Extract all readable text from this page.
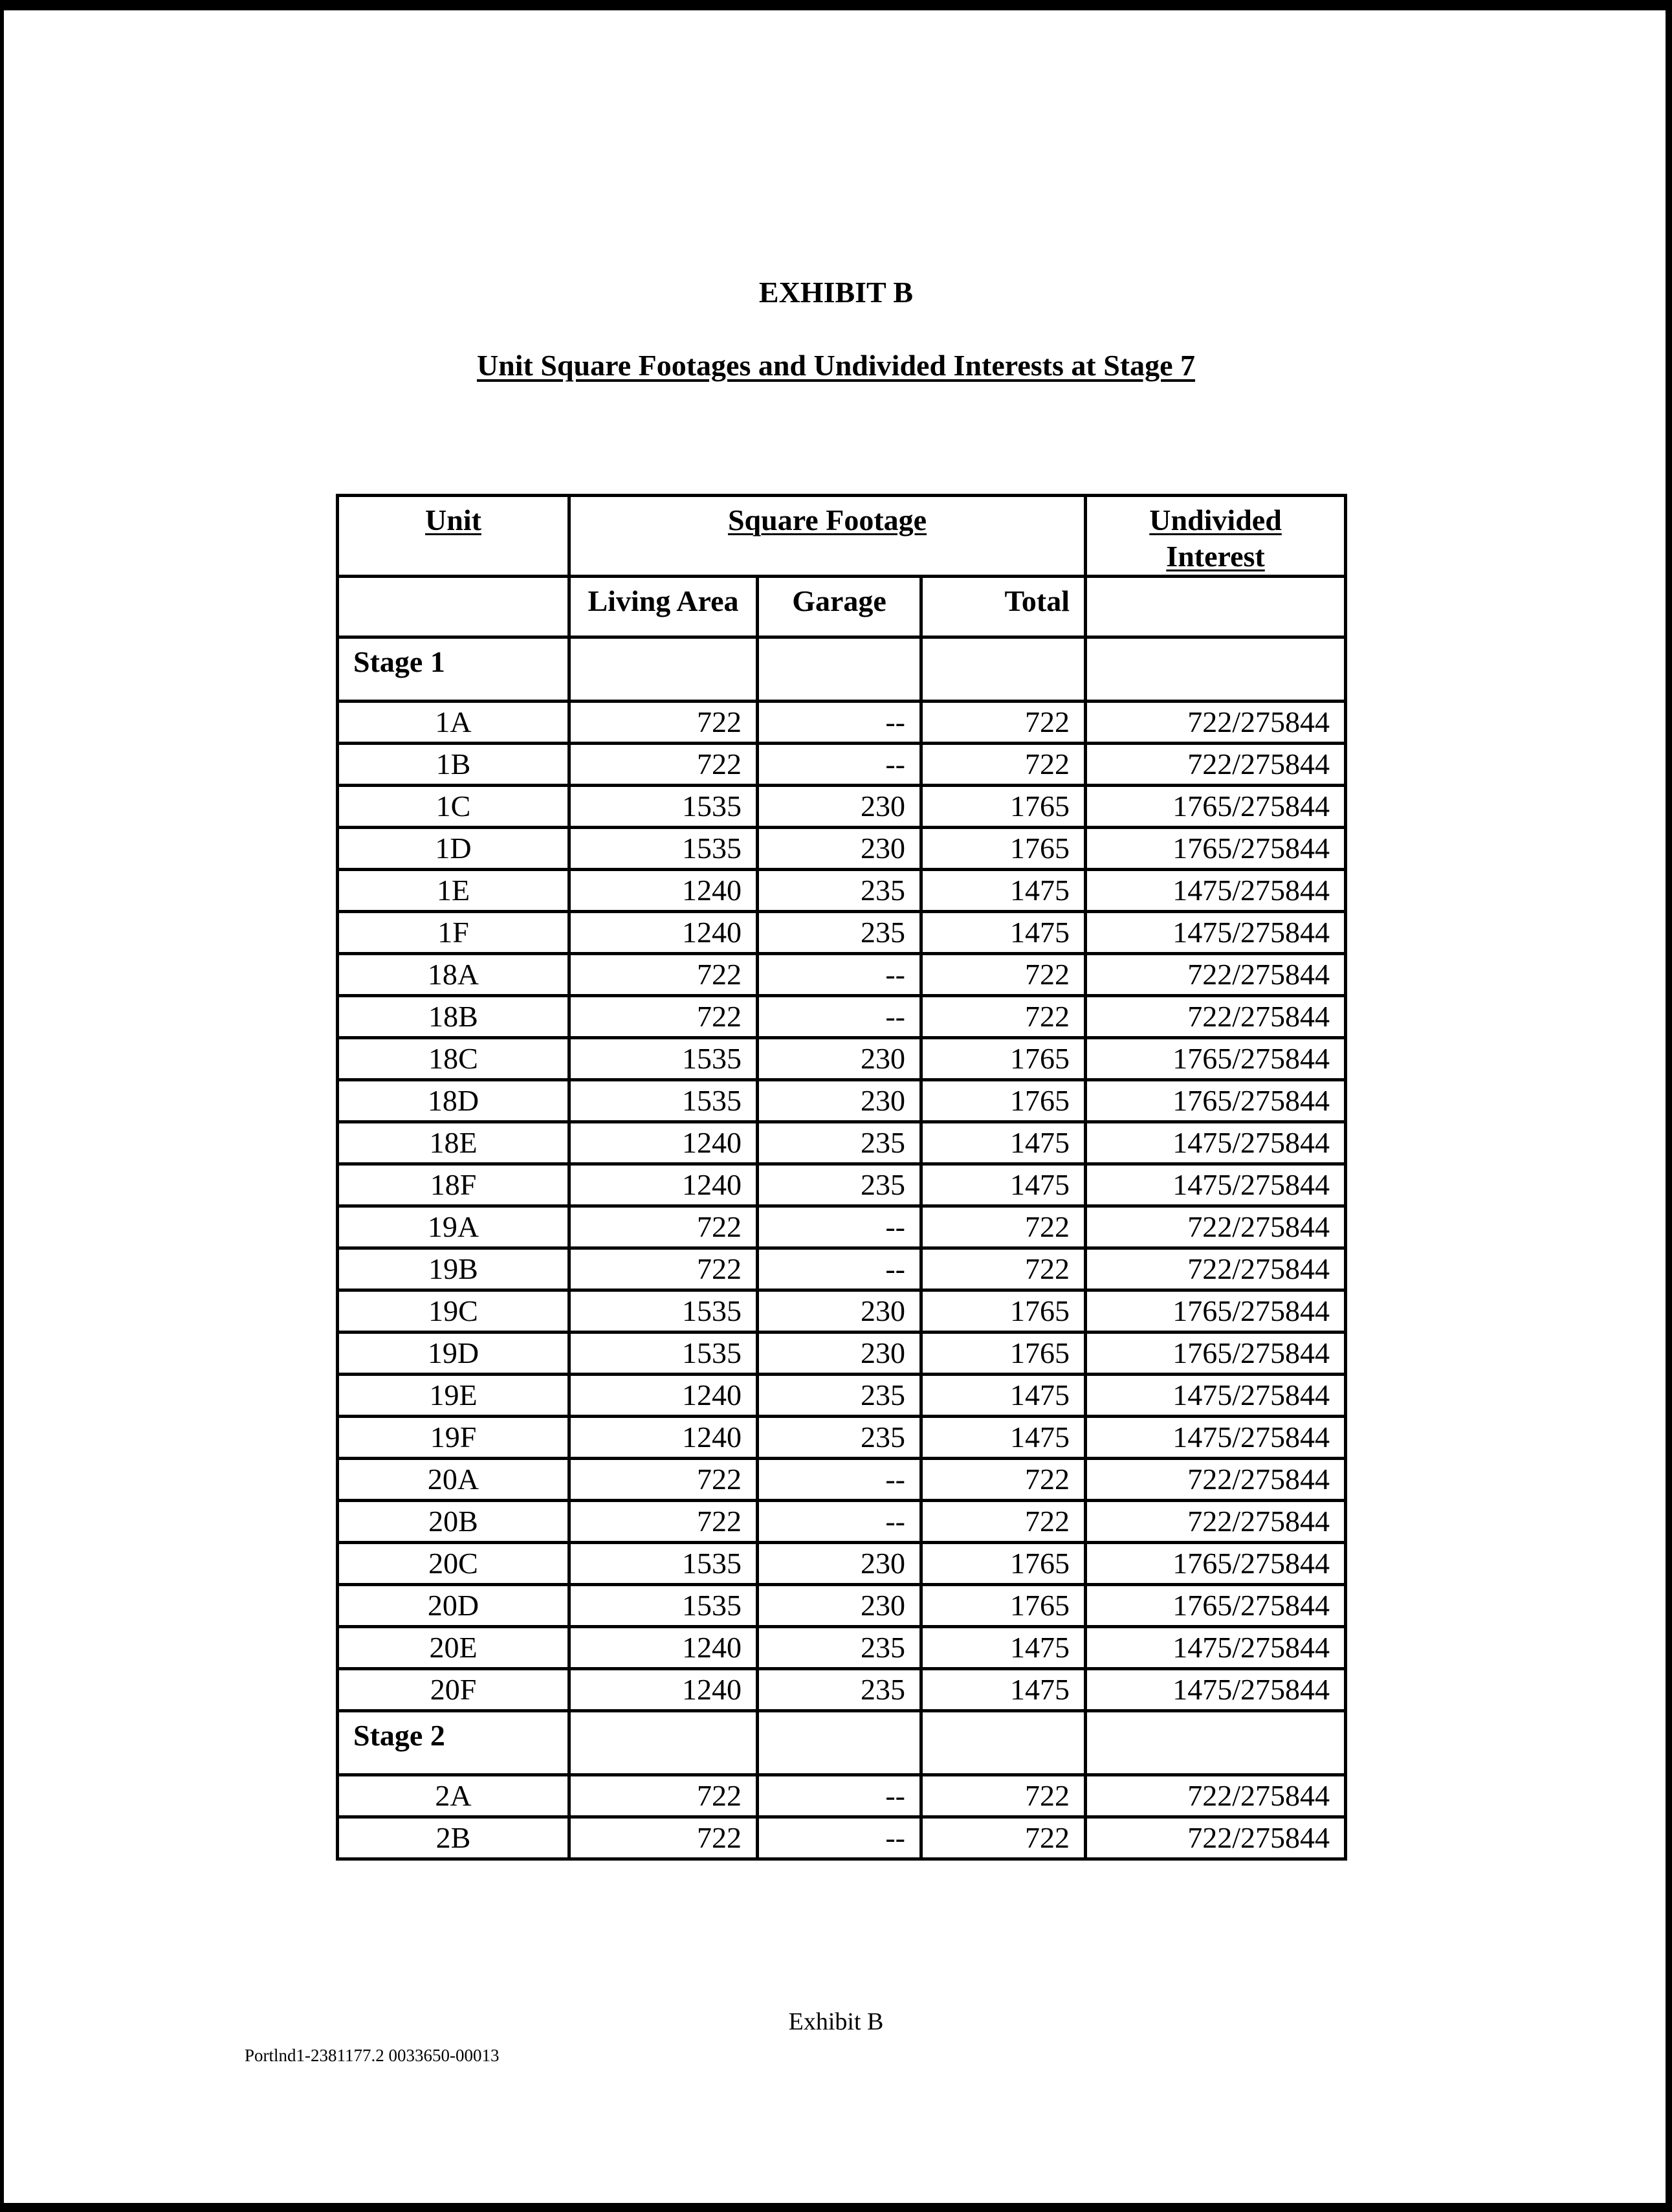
EXHIBIT B
Unit Square Footages and Undivided Interests at Stage 7
Unit	Square Footage			Undivided Interest
	Living Area	Garage	Total	
Stage 1				
1A	722	--	722	722/275844
1B	722	--	722	722/275844
1C	1535	230	1765	1765/275844
1D	1535	230	1765	1765/275844
1E	1240	235	1475	1475/275844
1F	1240	235	1475	1475/275844
18A	722	--	722	722/275844
18B	722	--	722	722/275844
18C	1535	230	1765	1765/275844
18D	1535	230	1765	1765/275844
18E	1240	235	1475	1475/275844
18F	1240	235	1475	1475/275844
19A	722	--	722	722/275844
19B	722	--	722	722/275844
19C	1535	230	1765	1765/275844
19D	1535	230	1765	1765/275844
19E	1240	235	1475	1475/275844
19F	1240	235	1475	1475/275844
20A	722	--	722	722/275844
20B	722	--	722	722/275844
20C	1535	230	1765	1765/275844
20D	1535	230	1765	1765/275844
20E	1240	235	1475	1475/275844
20F	1240	235	1475	1475/275844
Stage 2				
2A	722	--	722	722/275844
2B	722	--	722	722/275844
Exhibit B
Portlnd1-2381177.2 0033650-00013
